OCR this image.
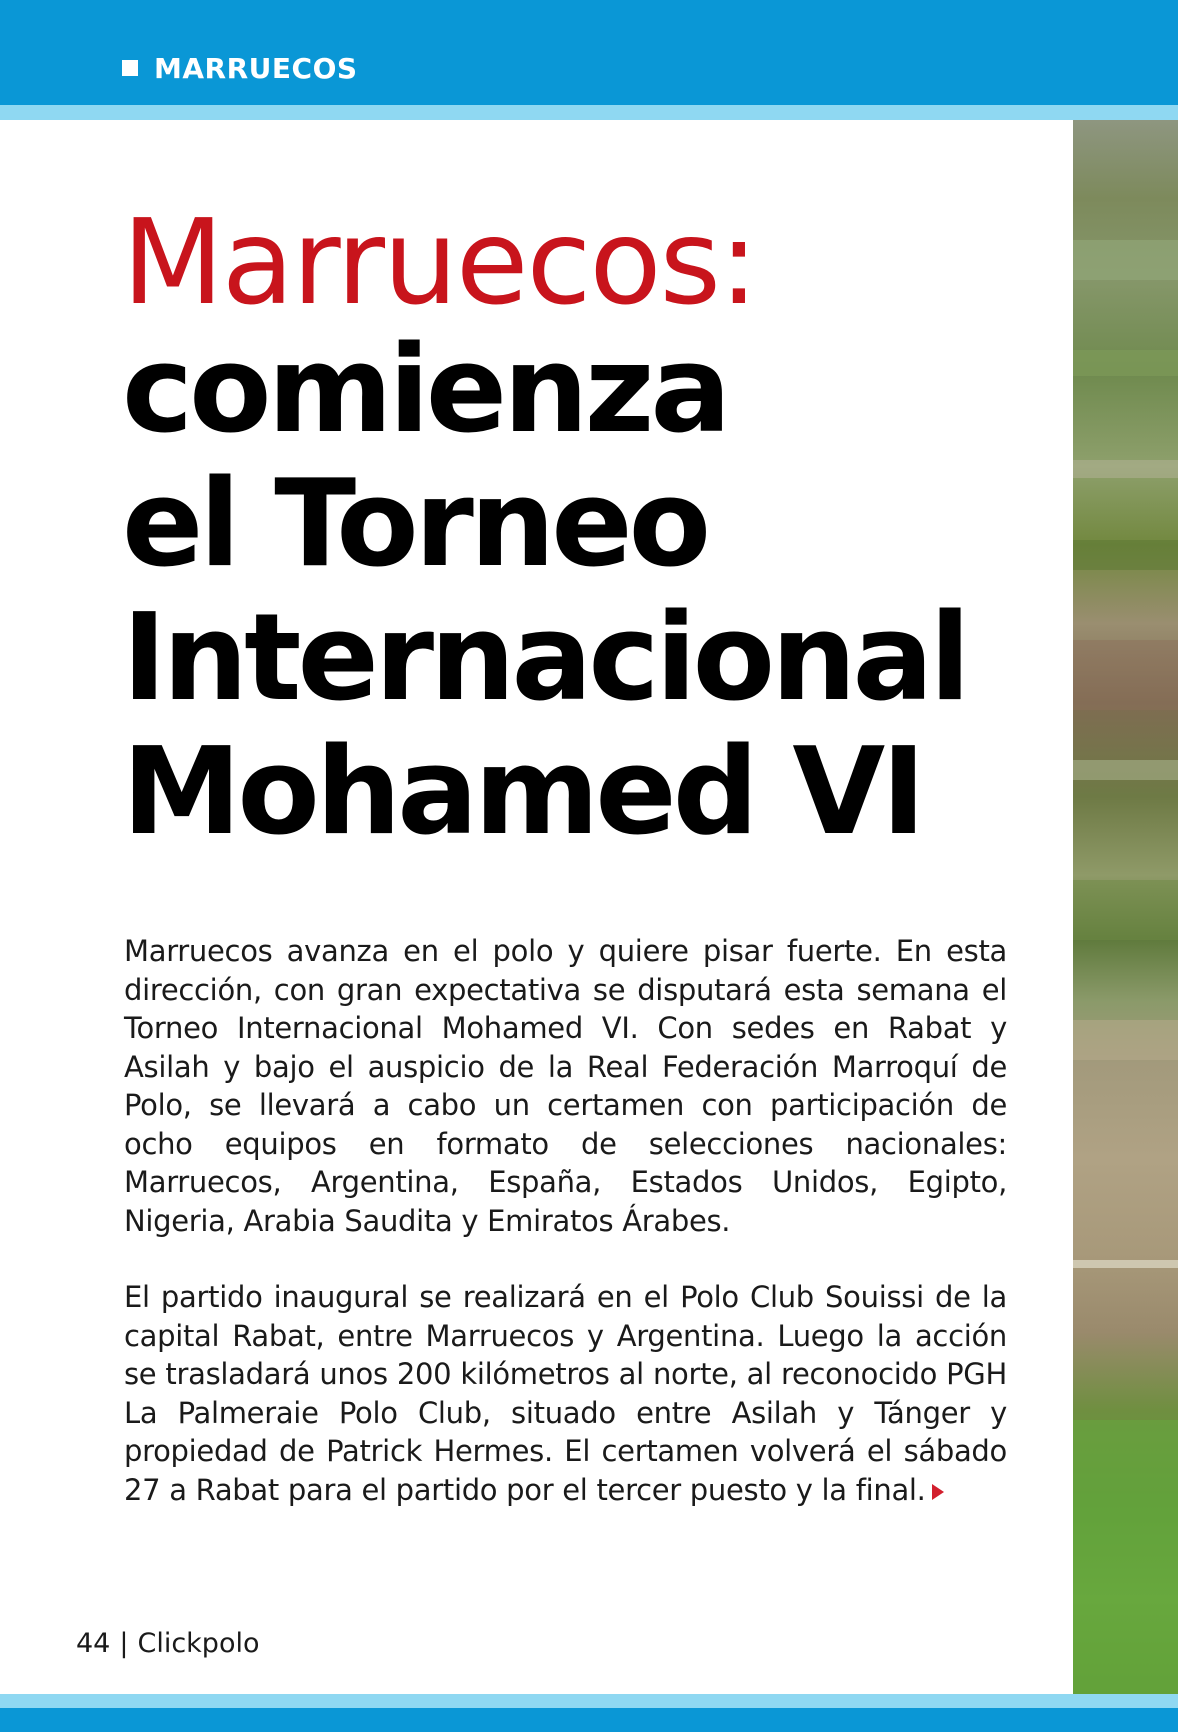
MARRUECOS
Marruecos:
comienza
el Torneo
Internacional
Mohamed VI

Marruecos avanza en el polo y quiere pisar fuerte. En esta dirección, con gran expectativa se disputará esta semana el Torneo Internacional Mohamed VI. Con sedes en Rabat y Asilah y bajo el auspicio de la Real Federación Marroquí de Polo, se llevará a cabo un certamen con participación de ocho equipos en formato de selecciones nacionales: Marruecos, Argentina, España, Estados Unidos, Egipto, Nigeria, Arabia Saudita y Emiratos Árabes.

El partido inaugural se realizará en el Polo Club Souissi de la capital Rabat, entre Marruecos y Argentina. Luego la acción se trasladará unos 200 kilómetros al norte, al reconocido PGH La Palmeraie Polo Club, situado entre Asilah y Tánger y propiedad de Patrick Hermes. El certamen volverá el sábado 27 a Rabat para el partido por el tercer puesto y la final.

44 | Clickpolo
